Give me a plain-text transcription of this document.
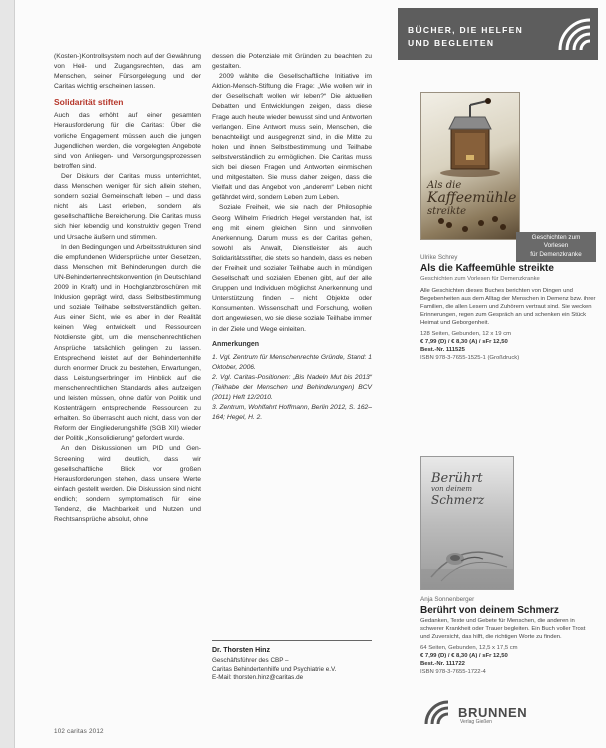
(Kosten-)Kontrollsystem noch auf der Gewährung von Heil- und Zugangsrechten, das am Menschen, seiner Fürsorgelegung und der Caritas wichtig erscheinen lassen.

Solidarität stiften

Auch das erhöht auf einer gesamten Herausforderung für die Caritas: Über die vorliche Engagement müssen auch die jungen Jugendlichen werden, die vorgelegten Angebote sind von Anliegen- und Versorgungsprozessen betroffen sind.

Der Diskurs der Caritas muss unterrichtet, dass Menschen weniger für sich allein stehen, sondern sozial Gemeinschaft leben – und dass nicht als Last erleben, sondern als gesellschaftliche Bereicherung. Die Caritas muss sich hier lebendig und konstruktiv gegen Trend und Ursache äußern und stimmen.

In den Bedingungen und Arbeitsstrukturen sind die empfundenen Widersprüche unter Gesetzen, dass Menschen mit Behinderungen durch die UN-Behindertenrechtskonvention (in Deutschland 2009 in Kraft) und in Hochglanzbroschüren mit Inklusion geprägt wird, dass Selbstbestimmung und soziale Teilhabe selbstverständlich gelten. Aus einer Sicht, wie es aber in der Realität keinen Weg entwickelt und Ressourcen Notdienste gibt, um die menschenrechtlichen Ansprüche tatsächlich gelingen zu lassen. Entsprechend leistet auf der Behindertenhilfe durch enormer Druck zu bestehen, Erwartungen, dass Leistungserbringer im Hinblick auf die menschenrechtlichen Standards alles aufzeigen und leisten müssen, ohne dafür von Politik und Kostenträgern entsprechende Ressourcen zu erhalten. So überrascht auch nicht, dass von der Reform der Eingliederungshilfe (SGB XII) wieder der Politik „Konsolidierung“ gefordert wurde.

An den Diskussionen um PID und Gen-Screening wird deutlich, dass wir gesellschaftliche Blick vor großen Herausforderungen stehen, dass unsere Werte einfach gestellt werden. Die Diskussion sind nicht endlich; sondern symptomatisch für eine Tendenz, die Machbarkeit und Nutzen und Rechtsansprüche absolut, ohne

dessen die Potenziale mit Gründen zu beachten zu gestalten.

2009 wählte die Gesellschaftliche Initiative im Aktion-Mensch-Stiftung die Frage: „Wie wollen wir in der Gesellschaft wollen wir leben?“ Die aktuellen Debatten und Entwicklungen zeigen, dass diese Frage auch heute wieder bewusst sind und Antworten verlangen. Eine Antwort muss sein, Menschen, die benachteiligt und ausgegrenzt sind, in die Mitte zu holen und ihnen Selbstbestimmung und Teilhabe selbstverständlich zu ermöglichen. Die Caritas muss sich bei diesen Fragen und Antworten einmischen und mitgestalten. Sie muss daher zeigen, dass die Vielfalt und das Angebot von „anderem“ Leben nicht gefährdet wird, sondern Leben zum Leben.

Soziale Freiheit, wie sie nach der Philosophie Georg Wilhelm Friedrich Hegel verstanden hat, ist eng mit einem gleichen Sinn und sinnvollen Anerkennung. Darum muss es der Caritas gehen, sowohl als Anwalt, Dienstleister als auch Solidaritätsstifter, die stets so handeln, dass es neben der Freiheit und sozialer Teilhabe auch in mündigen Gesellschaft und sozialen Ebenen gibt, auf der alle Gruppen und Individuen möglichst Anerkennung und Unterstützung finden – nicht Objekte oder Konsumenten. Wissenschaft und Forschung, wollen dort angewiesen, wo sie diese soziale Teilhabe immer in der Ziele und Wege einleiten.

Anmerkungen
1. Vgl. Zentrum für Menschenrechte Gründe, Stand: 1 Oktober, 2006.
2. Vgl. Caritas-Positionen: „Bis Nadeln Mut bis 2013“ (Teilhabe der Menschen und Behinderungen) BCV (2011) Heft 12/2010.
3. Zentrum, Wohlfahrt Hoffmann, Berlin 2012, S. 162–164; Hegel, H. 2.
Dr. Thorsten Hinz
Geschäftsführer des CBP –
Caritas Behindertenhilfe und Psychiatrie e.V.
E-Mail: thorsten.hinz@caritas.de
102 caritas 2012
BÜCHER, DIE HELFEN
UND BEGLEITEN
Als die
Kaffeemühle
streikte
Geschichten zum
Vorlesen
für Demenzkranke
Ulrike Schrey
Als die Kaffeemühle streikte
Geschichten zum Vorlesen für Demenzkranke
Alle Geschichten dieses Buches berichten von Dingen und Begebenheiten aus dem Alltag der Menschen in Demenz bzw. ihrer Familien, die allen Lesern und Zuhörern vertraut sind. Sie wecken Erinnerungen, regen zum Gespräch an und schenken ein Stück Heimat und Geborgenheit.
128 Seiten, Gebunden, 12 x 19 cm
€ 7,99 (D) / € 8,30 (A) / sFr 12,50
Best.-Nr. 111525
ISBN 978-3-7655-1525-1 (Großdruck)
Berührt
von deinem
Schmerz
Anja Sonnenberger
Berührt von deinem Schmerz
Gedanken, Texte und Gebete für Menschen, die anderen in schwerer Krankheit oder Trauer begleiten. Ein Buch voller Trost und Zuversicht, das hilft, die richtigen Worte zu finden.
64 Seiten, Gebunden, 12,5 x 17,5 cm
€ 7,99 (D) / € 8,30 (A) / sFr 12,50
Best.-Nr. 111722
ISBN 978-3-7655-1722-4
BRUNNEN
Verlag Gießen
